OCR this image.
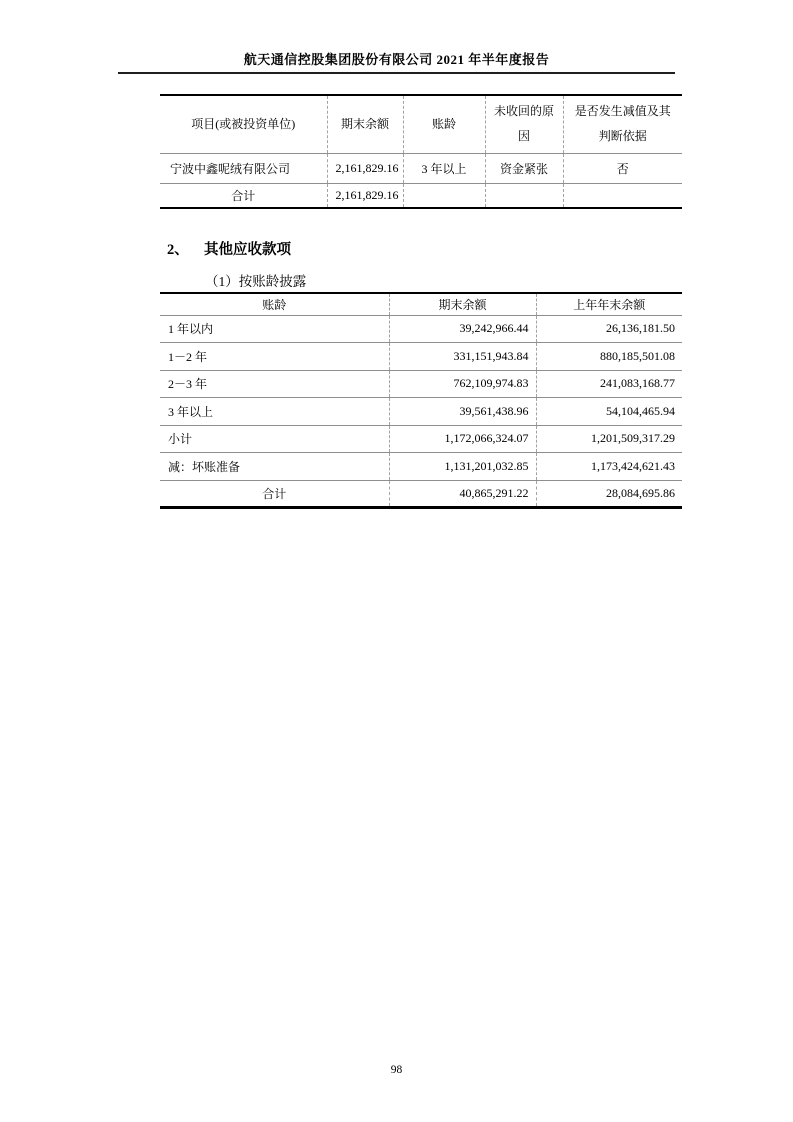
航天通信控股集团股份有限公司 2021 年半年度报告
项目(或被投资单位)	期末余额	账龄	未收回的原因	是否发生减值及其判断依据
宁波中鑫呢绒有限公司	2,161,829.16	3 年以上	资金紧张	否
合计	2,161,829.16			
2、 其他应收款项
（1）按账龄披露
账龄	期末余额	上年年末余额
1 年以内	39,242,966.44	26,136,181.50
1－2 年	331,151,943.84	880,185,501.08
2－3 年	762,109,974.83	241,083,168.77
3 年以上	39,561,438.96	54,104,465.94
小计	1,172,066,324.07	1,201,509,317.29
减：坏账准备	1,131,201,032.85	1,173,424,621.43
合计	40,865,291.22	28,084,695.86
98
